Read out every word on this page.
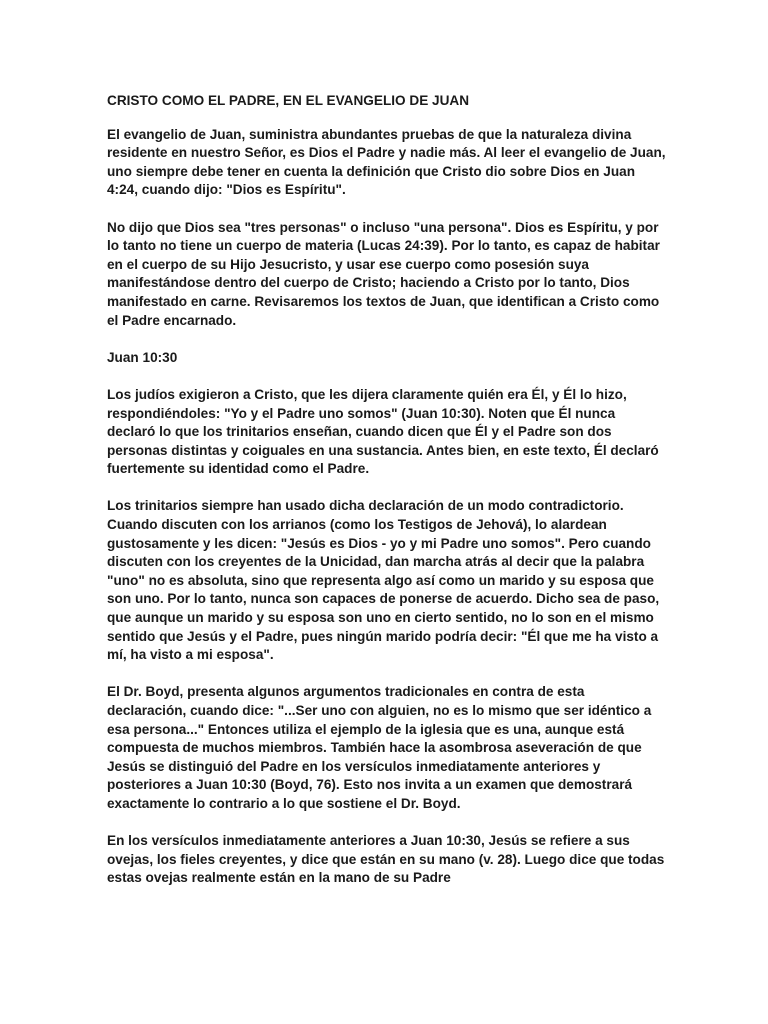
CRISTO COMO EL PADRE, EN EL EVANGELIO DE JUAN

El evangelio de Juan, suministra abundantes pruebas de que la naturaleza divina residente en nuestro Señor, es Dios el Padre y nadie más. Al leer el evangelio de Juan, uno siempre debe tener en cuenta la definición que Cristo dio sobre Dios en Juan 4:24, cuando dijo: "Dios es Espíritu".

No dijo que Dios sea "tres personas" o incluso "una persona". Dios es Espíritu, y por lo tanto no tiene un cuerpo de materia (Lucas 24:39). Por lo tanto, es capaz de habitar en el cuerpo de su Hijo Jesucristo, y usar ese cuerpo como posesión suya manifestándose dentro del cuerpo de Cristo; haciendo a Cristo por lo tanto, Dios manifestado en carne. Revisaremos los textos de Juan, que identifican a Cristo como el Padre encarnado.

Juan 10:30

Los judíos exigieron a Cristo, que les dijera claramente quién era Él, y Él lo hizo, respondiéndoles: "Yo y el Padre uno somos" (Juan 10:30). Noten que Él nunca declaró lo que los trinitarios enseñan, cuando dicen que Él y el Padre son dos personas distintas y coiguales en una sustancia. Antes bien, en este texto, Él declaró fuertemente su identidad como el Padre.

Los trinitarios siempre han usado dicha declaración de un modo contradictorio. Cuando discuten con los arrianos (como los Testigos de Jehová), lo alardean gustosamente y les dicen: "Jesús es Dios - yo y mi Padre uno somos". Pero cuando discuten con los creyentes de la Unicidad, dan marcha atrás al decir que la palabra "uno" no es absoluta, sino que representa algo así como un marido y su esposa que son uno. Por lo tanto, nunca son capaces de ponerse de acuerdo. Dicho sea de paso, que aunque un marido y su esposa son uno en cierto sentido, no lo son en el mismo sentido que Jesús y el Padre, pues ningún marido podría decir: "Él que me ha visto a mí, ha visto a mi esposa".

El Dr. Boyd, presenta algunos argumentos tradicionales en contra de esta declaración, cuando dice: "...Ser uno con alguien, no es lo mismo que ser idéntico a esa persona..." Entonces utiliza el ejemplo de la iglesia que es una, aunque está compuesta de muchos miembros. También hace la asombrosa aseveración de que Jesús se distinguió del Padre en los versículos inmediatamente anteriores y posteriores a Juan 10:30 (Boyd, 76). Esto nos invita a un examen que demostrará exactamente lo contrario a lo que sostiene el Dr. Boyd.

En los versículos inmediatamente anteriores a Juan 10:30, Jesús se refiere a sus ovejas, los fieles creyentes, y dice que están en su mano (v. 28). Luego dice que todas estas ovejas realmente están en la mano de su Padre
